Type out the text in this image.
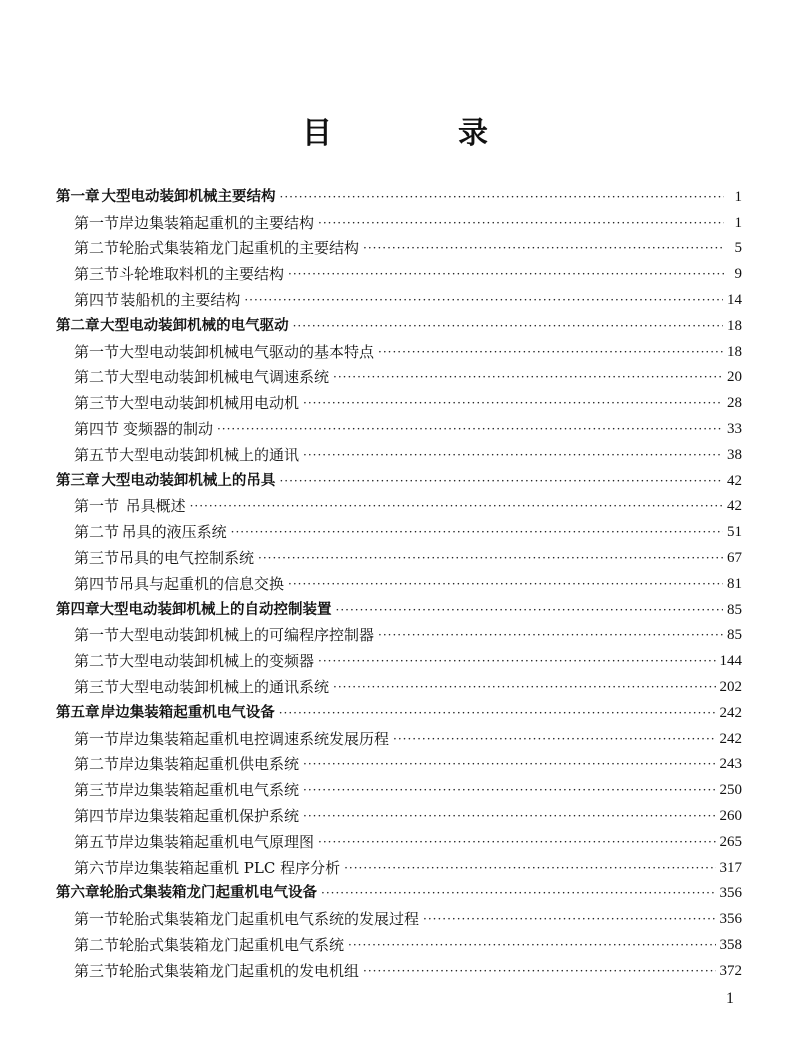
目　录
第一章 大型电动装卸机械主要结构 ·····	1
第一节 岸边集装箱起重机的主要结构 ·····	1
第二节 轮胎式集装箱龙门起重机的主要结构 ·····	5
第三节 斗轮堆取料机的主要结构 ·····	9
第四节 装船机的主要结构 ·····	14
第二章 大型电动装卸机械的电气驱动 ·····	18
第一节 大型电动装卸机械电气驱动的基本特点 ·····	18
第二节 大型电动装卸机械电气调速系统 ·····	20
第三节 大型电动装卸机械用电动机 ·····	28
第四节 变频器的制动 ·····	33
第五节 大型电动装卸机械上的通讯 ·····	38
第三章 大型电动装卸机械上的吊具 ·····	42
第一节 吊具概述 ·····	42
第二节 吊具的液压系统 ·····	51
第三节 吊具的电气控制系统 ·····	67
第四节 吊具与起重机的信息交换 ·····	81
第四章 大型电动装卸机械上的自动控制装置 ·····	85
第一节 大型电动装卸机械上的可编程序控制器 ·····	85
第二节 大型电动装卸机械上的变频器 ·····	144
第三节 大型电动装卸机械上的通讯系统 ·····	202
第五章 岸边集装箱起重机电气设备 ·····	242
第一节 岸边集装箱起重机电控调速系统发展历程 ·····	242
第二节 岸边集装箱起重机供电系统 ·····	243
第三节 岸边集装箱起重机电气系统 ·····	250
第四节 岸边集装箱起重机保护系统 ·····	260
第五节 岸边集装箱起重机电气原理图 ·····	265
第六节 岸边集装箱起重机 PLC 程序分析 ·····	317
第六章 轮胎式集装箱龙门起重机电气设备 ·····	356
第一节 轮胎式集装箱龙门起重机电气系统的发展过程 ·····	356
第二节 轮胎式集装箱龙门起重机电气系统 ·····	358
第三节 轮胎式集装箱龙门起重机的发电机组 ·····	372
1
